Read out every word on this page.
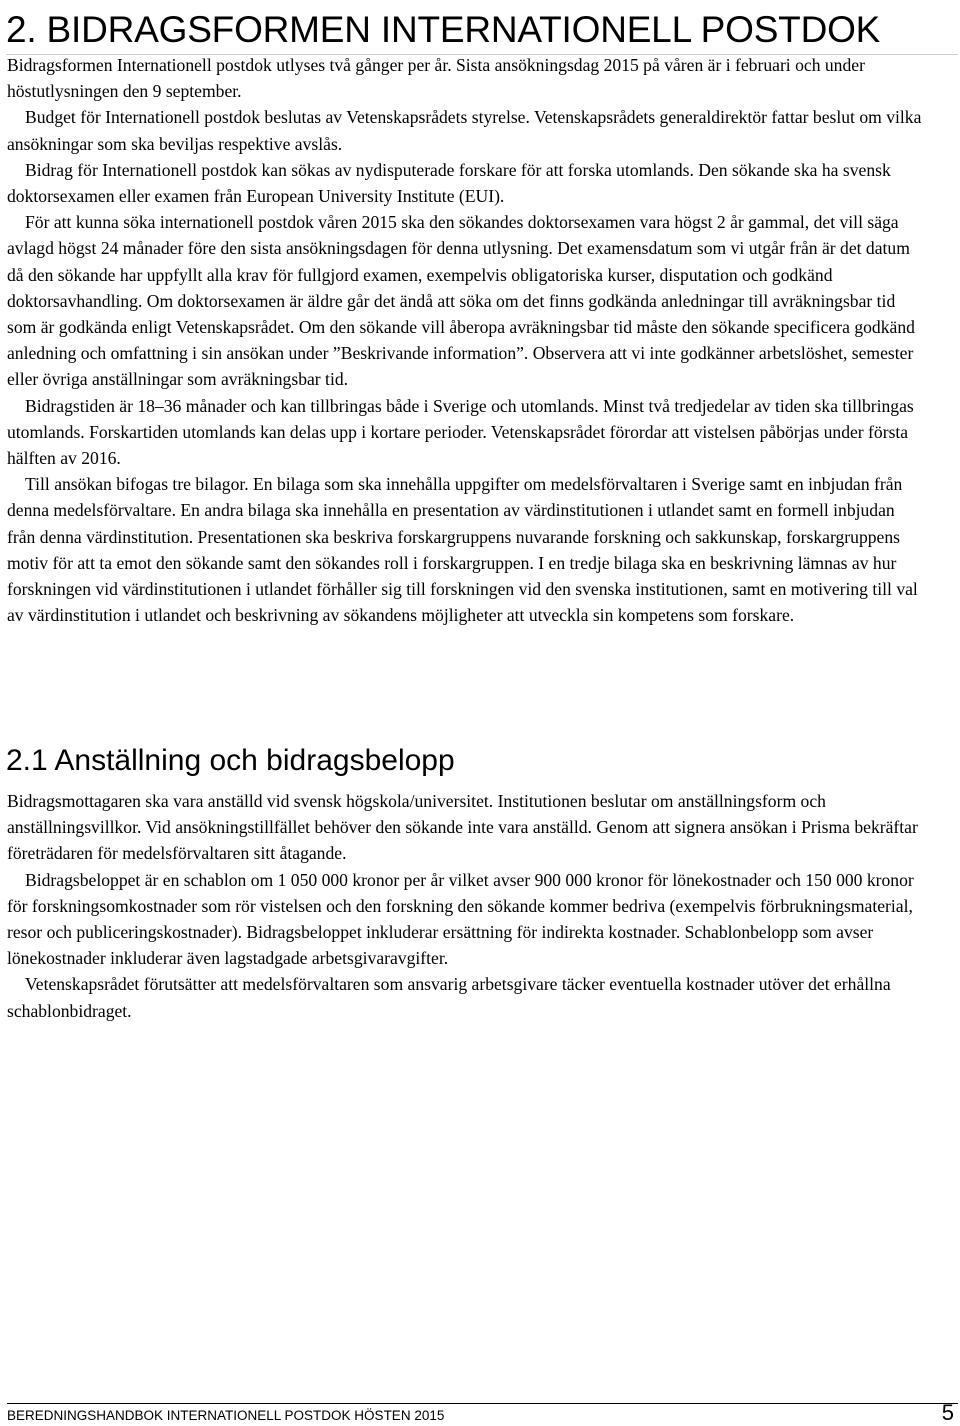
2. BIDRAGSFORMEN INTERNATIONELL POSTDOK

Bidragsformen Internationell postdok utlyses två gånger per år. Sista ansökningsdag 2015 på våren är i februari och under höstutlysningen den 9 september.

Budget för Internationell postdok beslutas av Vetenskapsrådets styrelse. Vetenskapsrådets generaldirektör fattar beslut om vilka ansökningar som ska beviljas respektive avslås.

Bidrag för Internationell postdok kan sökas av nydisputerade forskare för att forska utomlands. Den sökande ska ha svensk doktorsexamen eller examen från European University Institute (EUI).

För att kunna söka internationell postdok våren 2015 ska den sökandes doktorsexamen vara högst 2 år gammal, det vill säga avlagd högst 24 månader före den sista ansökningsdagen för denna utlysning. Det examensdatum som vi utgår från är det datum då den sökande har uppfyllt alla krav för fullgjord examen, exempelvis obligatoriska kurser, disputation och godkänd doktorsavhandling. Om doktorsexamen är äldre går det ändå att söka om det finns godkända anledningar till avräkningsbar tid som är godkända enligt Vetenskapsrådet. Om den sökande vill åberopa avräkningsbar tid måste den sökande specificera godkänd anledning och omfattning i sin ansökan under ”Beskrivande information”. Observera att vi inte godkänner arbetslöshet, semester eller övriga anställningar som avräkningsbar tid.

Bidragstiden är 18–36 månader och kan tillbringas både i Sverige och utomlands. Minst två tredjedelar av tiden ska tillbringas utomlands. Forskartiden utomlands kan delas upp i kortare perioder. Vetenskapsrådet förordar att vistelsen påbörjas under första hälften av 2016.

Till ansökan bifogas tre bilagor. En bilaga som ska innehålla uppgifter om medelsförvaltaren i Sverige samt en inbjudan från denna medelsförvaltare. En andra bilaga ska innehålla en presentation av värdinstitutionen i utlandet samt en formell inbjudan från denna värdinstitution. Presentationen ska beskriva forskargruppens nuvarande forskning och sakkunskap, forskargruppens motiv för att ta emot den sökande samt den sökandes roll i forskargruppen. I en tredje bilaga ska en beskrivning lämnas av hur forskningen vid värdinstitutionen i utlandet förhåller sig till forskningen vid den svenska institutionen, samt en motivering till val av värdinstitution i utlandet och beskrivning av sökandens möjligheter att utveckla sin kompetens som forskare.

2.1 Anställning och bidragsbelopp

Bidragsmottagaren ska vara anställd vid svensk högskola/universitet. Institutionen beslutar om anställningsform och anställningsvillkor. Vid ansökningstillfället behöver den sökande inte vara anställd. Genom att signera ansökan i Prisma bekräftar företrädaren för medelsförvaltaren sitt åtagande.

Bidragsbeloppet är en schablon om 1 050 000 kronor per år vilket avser 900 000 kronor för lönekostnader och 150 000 kronor för forskningsomkostnader som rör vistelsen och den forskning den sökande kommer bedriva (exempelvis förbrukningsmaterial, resor och publiceringskostnader). Bidragsbeloppet inkluderar ersättning för indirekta kostnader. Schablonbelopp som avser lönekostnader inkluderar även lagstadgade arbetsgivaravgifter.

Vetenskapsrådet förutsätter att medelsförvaltaren som ansvarig arbetsgivare täcker eventuella kostnader utöver det erhållna schablonbidraget.

BEREDNINGSHANDBOK INTERNATIONELL POSTDOK HÖSTEN 2015	5
